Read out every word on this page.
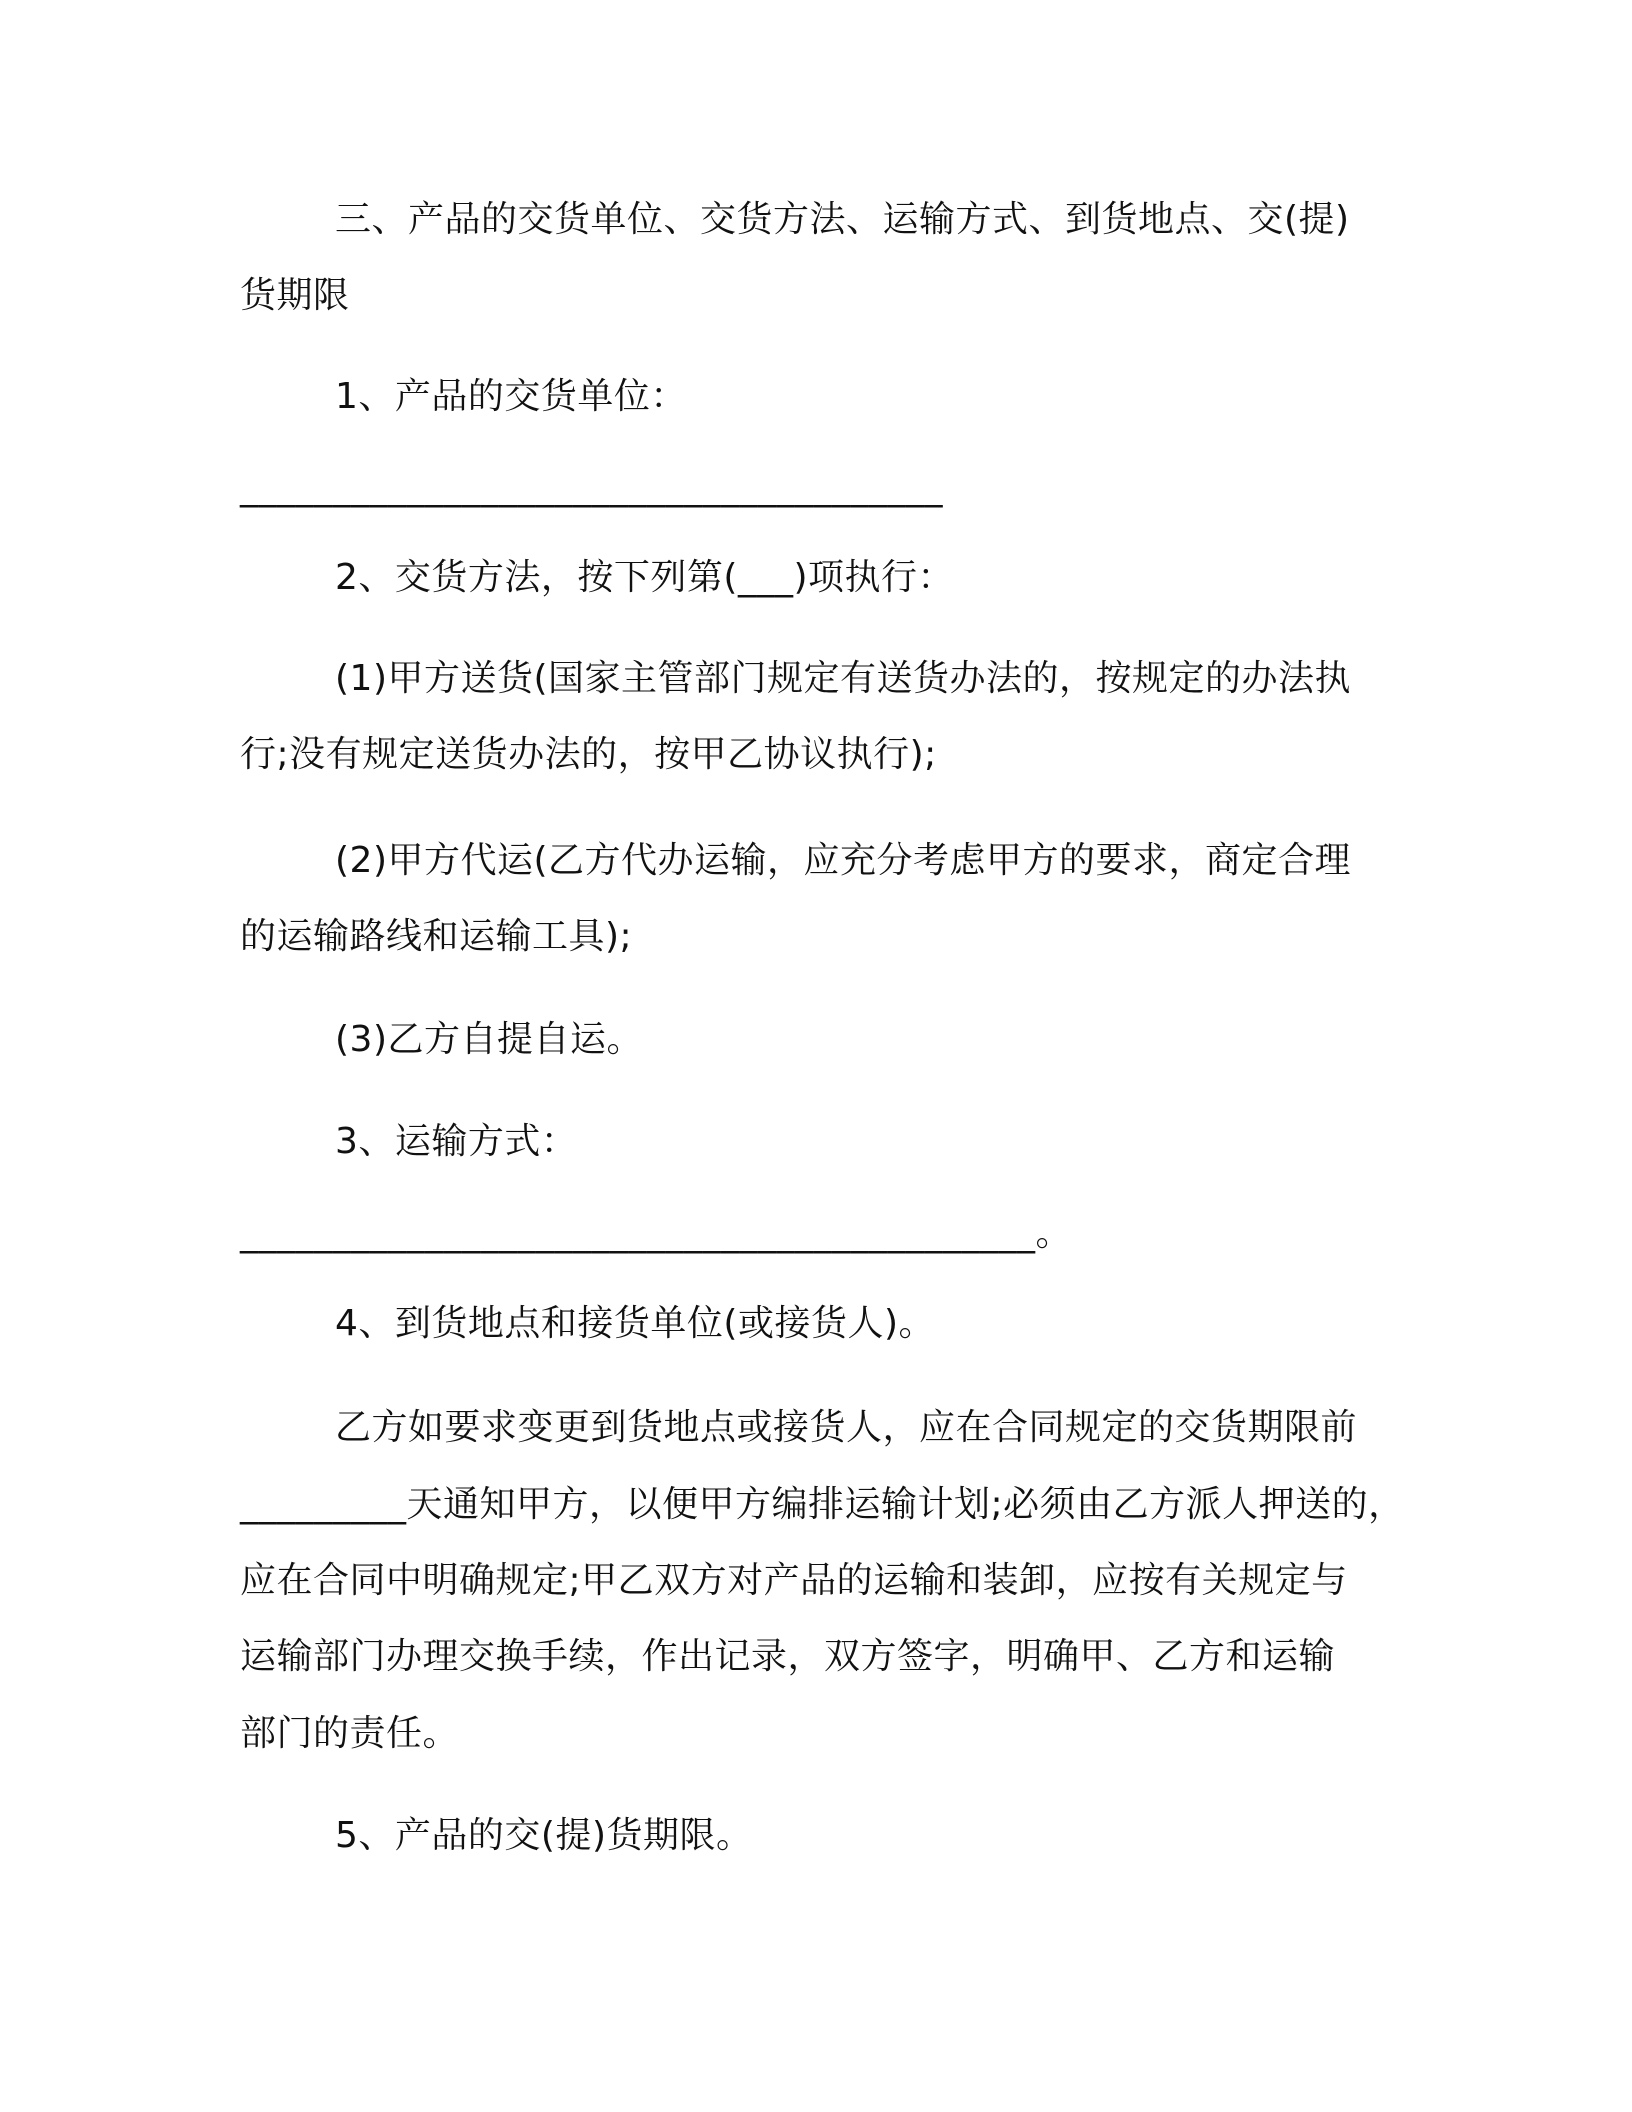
三、产品的交货单位、交货方法、运输方式、到货地点、交(提)
货期限
1、产品的交货单位：
______________________________________
2、交货方法，按下列第(___)项执行：
(1)甲方送货(国家主管部门规定有送货办法的，按规定的办法执
行;没有规定送货办法的，按甲乙协议执行);
(2)甲方代运(乙方代办运输，应充分考虑甲方的要求，商定合理
的运输路线和运输工具);
(3)乙方自提自运。
3、运输方式：
___________________________________________。
4、到货地点和接货单位(或接货人)。
乙方如要求变更到货地点或接货人，应在合同规定的交货期限前
_________天通知甲方，以便甲方编排运输计划;必须由乙方派人押送的，
应在合同中明确规定;甲乙双方对产品的运输和装卸，应按有关规定与
运输部门办理交换手续，作出记录，双方签字，明确甲、乙方和运输
部门的责任。
5、产品的交(提)货期限。
